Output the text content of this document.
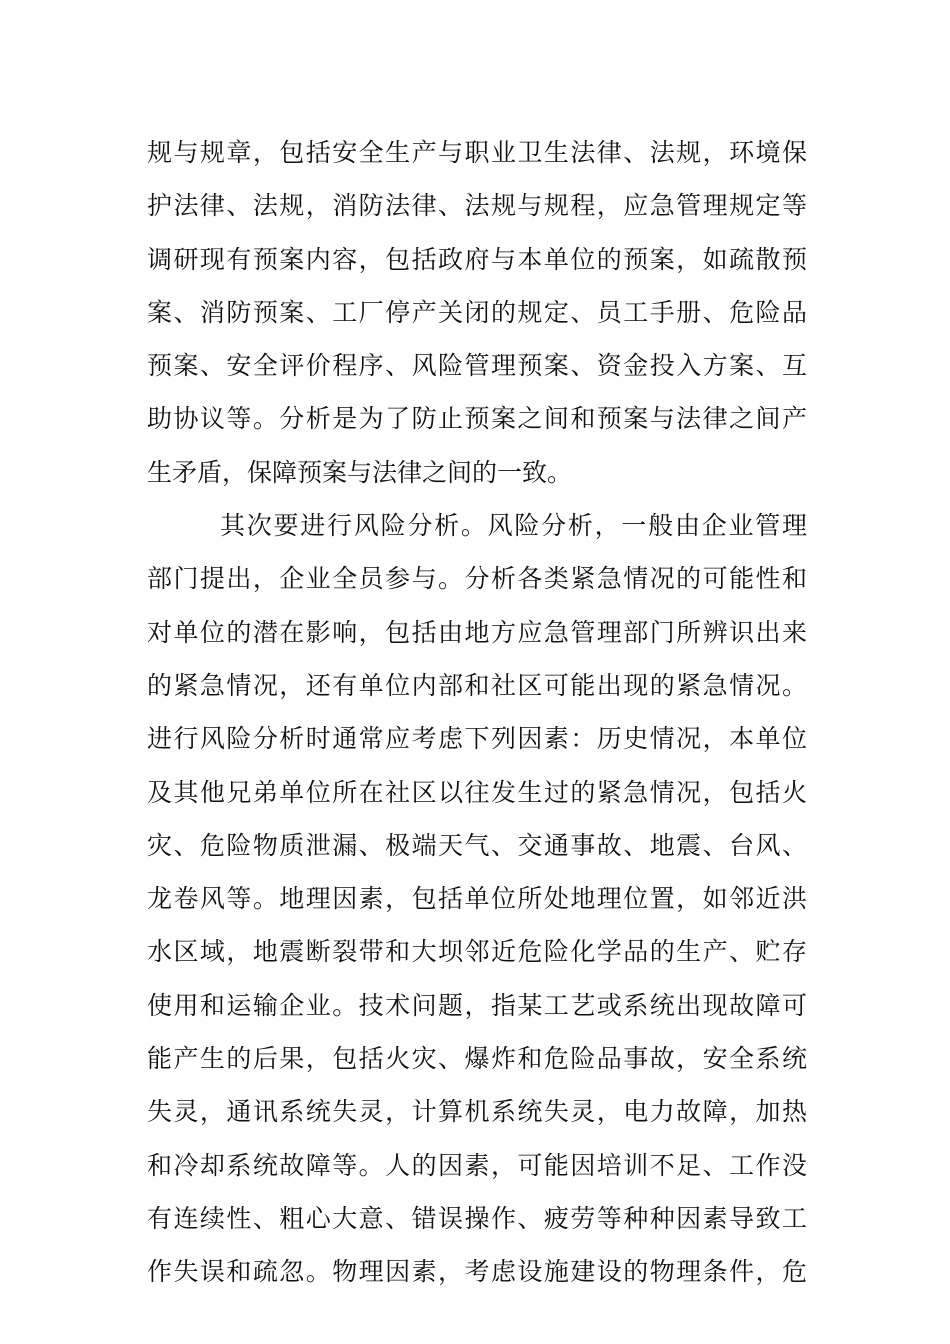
规与规章，包括安全生产与职业卫生法律、法规，环境保
护法律、法规，消防法律、法规与规程，应急管理规定等
调研现有预案内容，包括政府与本单位的预案，如疏散预
案、消防预案、工厂停产关闭的规定、员工手册、危险品
预案、安全评价程序、风险管理预案、资金投入方案、互
助协议等。分析是为了防止预案之间和预案与法律之间产
生矛盾，保障预案与法律之间的一致。
其次要进行风险分析。风险分析，一般由企业管理
部门提出，企业全员参与。分析各类紧急情况的可能性和
对单位的潜在影响，包括由地方应急管理部门所辨识出来
的紧急情况，还有单位内部和社区可能出现的紧急情况。
进行风险分析时通常应考虑下列因素：历史情况，本单位
及其他兄弟单位所在社区以往发生过的紧急情况，包括火
灾、危险物质泄漏、极端天气、交通事故、地震、台风、
龙卷风等。地理因素，包括单位所处地理位置，如邻近洪
水区域，地震断裂带和大坝邻近危险化学品的生产、贮存
使用和运输企业。技术问题，指某工艺或系统出现故障可
能产生的后果，包括火灾、爆炸和危险品事故，安全系统
失灵，通讯系统失灵，计算机系统失灵，电力故障，加热
和冷却系统故障等。人的因素，可能因培训不足、工作没
有连续性、粗心大意、错误操作、疲劳等种种因素导致工
作失误和疏忽。物理因素，考虑设施建设的物理条件，危
